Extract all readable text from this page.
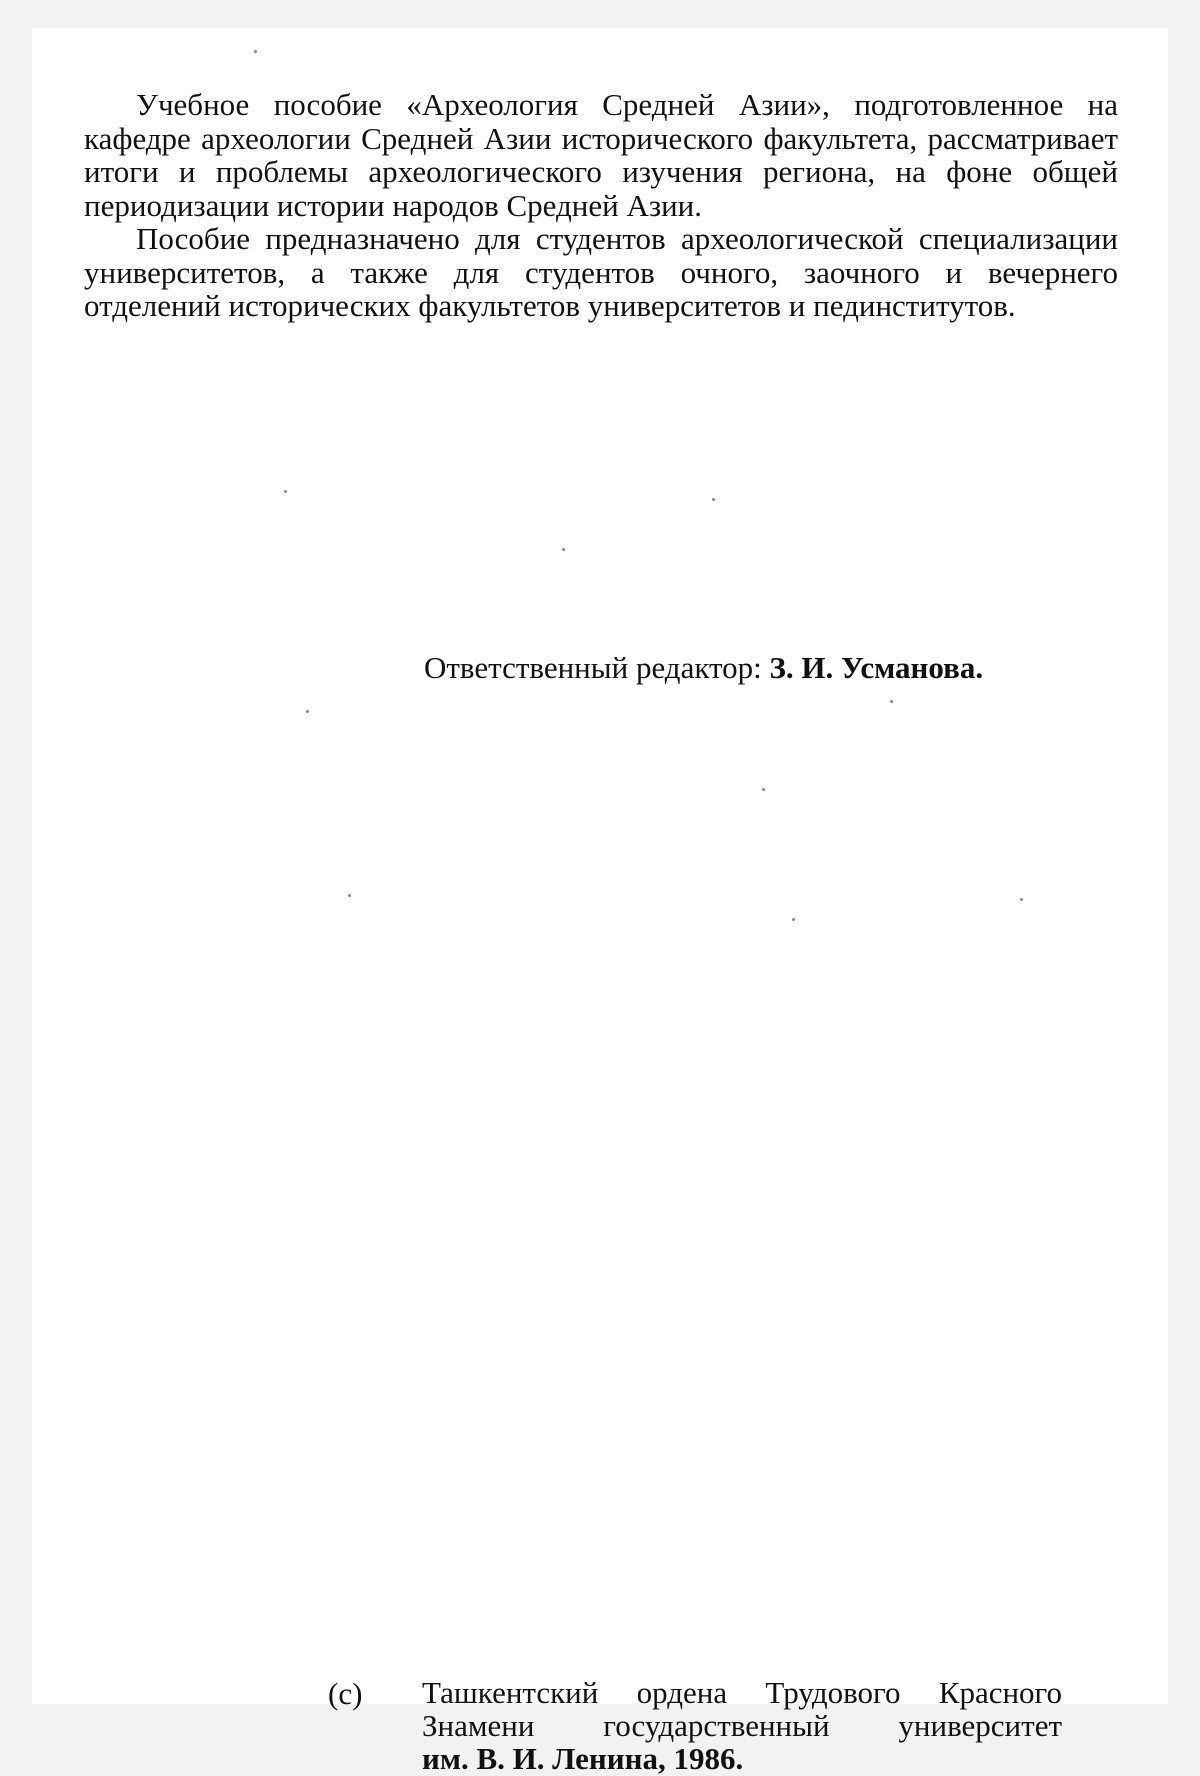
Учебное пособие «Археология Средней Азии», подготовленное на кафедре археологии Средней Азии исторического факультета, рассматривает итоги и проблемы археологического изучения региона, на фоне общей периодизации истории народов Средней Азии.

Пособие предназначено для студентов археологической специализации университетов, а также для студентов очного, заочного и вечернего отделений исторических факультетов университетов и пединститутов.

Ответственный редактор: З. И. Усманова.
(с) Ташкентский ордена Трудового Красного
Знамени государственный университет
им. В. И. Ленина, 1986.
